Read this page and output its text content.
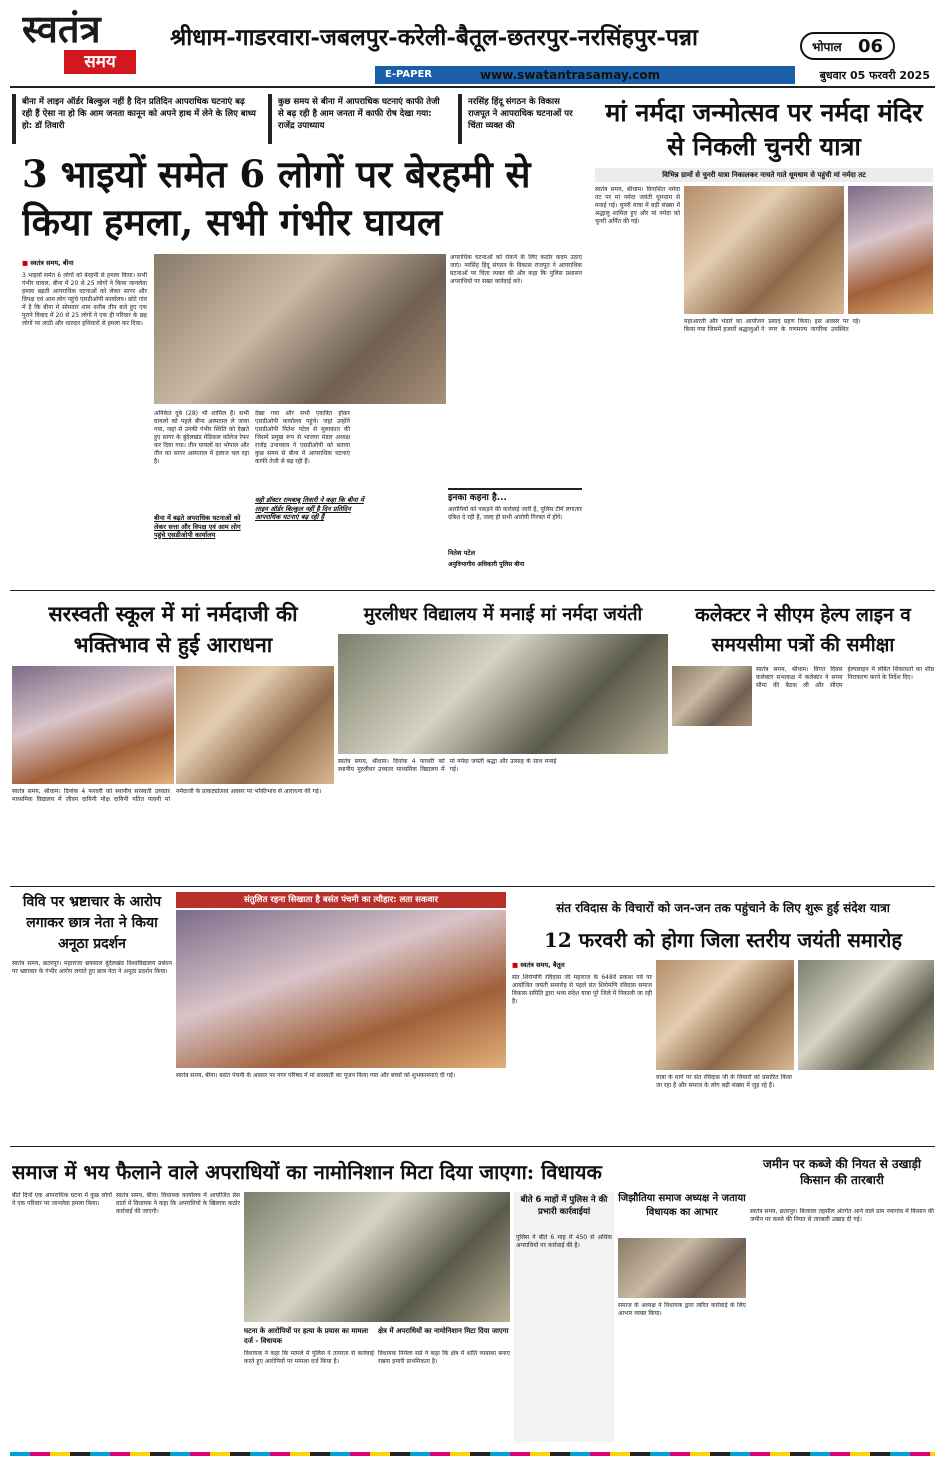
स्वतंत्र
समय
श्रीधाम-गाडरवारा-जबलपुर-करेली-बैतूल-छतरपुर-नरसिंहपुर-पन्ना	भोपाल 06
E-PAPER	www.swatantrasamay.com	बुधवार 05 फरवरी 2025
बीना में लाइन ऑर्डर बिल्कुल नहीं है दिन प्रतिदिन आपराधिक घटनाएं बढ़ रही हैं ऐसा ना हो कि आम जनता कानून को अपने हाथ में लेने के लिए बाध्य हो: डॉ तिवारी
कुछ समय से बीना में आपराधिक घटनाएं काफी तेजी से बढ़ रही है आम जनता में काफी रोष देखा गया: राजेंद्र उपाध्याय
नरसिंह हिंदू संगठन के विकास राजपूत ने आपराधिक घटनाओं पर चिंता व्यक्त की
3 भाइयों समेत 6 लोगों पर बेरहमी से किया हमला, सभी गंभीर घायल
■ स्वतंत्र समय, बीना
3 भाइयों समेत 6 लोगों को बेरहमी से हमला किया। सभी गंभीर घायल, बीना में 20 से 25 लोगों ने किया जानलेवा हमला बढ़ती आपराधिक घटनाओं को लेकर सागर और विपक्ष एवं आम लोग पहुंचे एसडीओपी कार्यालय। छोटे गांव में है कि बीना में सोमवार शाम करीब तीन बजे हुए एक पुराने विवाद में 20 से 25 लोगों ने एक ही परिवार के छह लोगों पर लाठी और धारदार हथियारों से हमला कर दिया।
अनिकेत दुबे (28) भी शामिल हैं। सभी घायलों को पहले बीना अस्पताल ले जाया गया, जहां से उनकी गंभीर स्थिति को देखते हुए सागर के बुंदेलखंड मेडिकल कॉलेज रेफर कर दिया गया। तीन घायलों का भोपाल और तीन का सागर अस्पताल में इलाज चल रहा है।
बीना में बढ़ते अपराधिक घटनाओं को लेकर सत्ता और विपक्ष एवं आम लोग पहुंचे एसडीओपी कार्यालय
देखा गया और सभी एकत्रित होकर एसडीओपी कार्यालय पहुंचे। जहां उन्होंने एसडीओपी नितेश पटेल से मुलाकात की जिसमें प्रमुख रूप से भाजपा मंडल अध्यक्ष राजेंद्र उपाध्याय ने एसडीओपी को बताया कुछ समय से बीना में आपराधिक घटनाएं काफी तेजी से बढ़ रही हैं।
वही डॉक्टर रामबाबू तिवारी ने कहा कि बीना में लाइन ऑर्डर बिल्कुल नहीं है दिन प्रतिदिन आपराधिक घटनाएं बढ़ रही हैं
अपराधिक घटनाओं को रोकने के लिए कठोर कदम उठाए जाएं। नरसिंह हिंदू संगठन के विकास राजपूत ने आपराधिक घटनाओं पर चिंता व्यक्त की और कहा कि पुलिस प्रशासन अपराधियों पर सख्त कार्रवाई करे।
इनका कहना है...
आरोपियों को पकड़ने की कार्रवाई जारी है, पुलिस टीमें लगातार दबिश दे रही हैं, जल्द ही सभी आरोपी गिरफ्त में होंगे।
नितेश पटेल
अनुविभागीय अधिकारी पुलिस बीना
मां नर्मदा जन्मोत्सव पर नर्मदा मंदिर से निकली चुनरी यात्रा
विभिन्न ग्रामों से चुनरी यात्रा निकालकर नाचते गाते धूमधाम से पहुंची मां नर्मदा तट
स्वतंत्र समय, श्रीधाम। विनाशित नर्मदा तट पर मां नर्मदा जयंती धूमधाम से मनाई गई। चुनरी यात्रा में बड़ी संख्या में श्रद्धालु शामिल हुए और मां नर्मदा को चुनरी अर्पित की गई।
महाआरती और भंडारे का आयोजन किया गया जिसमें हजारों श्रद्धालुओं ने प्रसाद ग्रहण किया। इस अवसर पर नगर के गणमान्य नागरिक उपस्थित रहे।
सरस्वती स्कूल में मां नर्मदाजी की भक्तिभाव से हुई आराधना
स्वतंत्र समय, श्रीधाम। दिनांक 4 फरवरी को स्थानीय सरस्वती उच्चतर माध्यमिक विद्यालय में जीवन दायिनी मोक्ष दायिनी पतित पावनी मां नर्मदाजी के प्राकट्योत्सव अवसर पर भक्तिभाव से आराधना की गई।
मुरलीधर विद्यालय में मनाई मां नर्मदा जयंती
स्वतंत्र समय, श्रीधाम। दिनांक 4 फरवरी को स्थानीय मुरलीधर उच्चतर माध्यमिक विद्यालय में मां नर्मदा जयंती श्रद्धा और उत्साह के साथ मनाई गई।
कलेक्टर ने सीएम हेल्प लाइन व समयसीमा पत्रों की समीक्षा
स्वतंत्र समय, श्रीधाम। विगत दिवस कलेक्टर सभाकक्ष में कलेक्टर ने समय सीमा की बैठक ली और सीएम हेल्पलाइन में लंबित शिकायतों का शीघ्र निराकरण करने के निर्देश दिए।
विवि पर भ्रष्टाचार के आरोप लगाकर छात्र नेता ने किया अनूठा प्रदर्शन
स्वतंत्र समय, छतरपुर। महाराजा छत्रसाल बुंदेलखंड विश्वविद्यालय प्रबंधन पर भ्रष्टाचार के गंभीर आरोप लगाते हुए छात्र नेता ने अनूठा प्रदर्शन किया।
संतुलित रहना सिखाता है बसंत पंचमी का त्यौहार: लता सकवार
स्वतंत्र समय, बीना। बसंत पंचमी के अवसर पर नगर परिषद में मां सरस्वती का पूजन किया गया और बच्चों को शुभकामनाएं दी गईं।
संत रविदास के विचारों को जन-जन तक पहुंचाने के लिए शुरू हुई संदेश यात्रा
12 फरवरी को होगा जिला स्तरीय जयंती समारोह
■ स्वतंत्र समय, बैतूल
संत शिरोमणि रविदास जी महाराज के 648वें प्रकाश पर्व पर आयोजित जयंती समारोह से पहले संत शिरोमणि रविदास समाज विकास समिति द्वारा भव्य संदेश यात्रा पूरे जिले में निकाली जा रही है।
यात्रा के मार्ग पर संत रविदास जी के विचारों को प्रसारित किया जा रहा है और समाज के लोग बड़ी संख्या में जुड़ रहे हैं।
समाज में भय फैलाने वाले अपराधियों का नामोनिशान मिटा दिया जाएगा: विधायक
बीते दिनों एक आपराधिक घटना में कुछ लोगों ने एक परिवार पर जानलेवा हमला किया।
स्वतंत्र समय, बीना। विधायक कार्यालय में आयोजित प्रेस वार्ता में विधायक ने कहा कि अपराधियों के खिलाफ कठोर कार्रवाई की जाएगी।
घटना के आरोपियों पर हत्या के प्रयास का मामला दर्ज - विधायक
विधायक ने कहा कि मामले में पुलिस ने तत्परता से कार्रवाई करते हुए आरोपियों पर मामला दर्ज किया है।
क्षेत्र में अपराधियों का नामोनिशान मिटा दिया जाएगा
विधायक निर्मला सप्रे ने कहा कि क्षेत्र में शांति व्यवस्था बनाए रखना हमारी प्राथमिकता है।
बीते 6 माहों में पुलिस ने की प्रभारी कार्रवाईयां
पुलिस ने बीते 6 माह में 450 से अधिक अपराधियों पर कार्रवाई की है।
जिझौतिया समाज अध्यक्ष ने जताया विधायक का आभार
समाज के अध्यक्ष ने विधायक द्वारा त्वरित कार्रवाई के लिए आभार व्यक्त किया।
जमीन पर कब्जे की नियत से उखाड़ी किसान की तारबारी
स्वतंत्र समय, छतरपुर। बिजावर तहसील अंतर्गत आने वाले ग्राम नयागांव में किसान की जमीन पर कब्जे की नियत से तारबारी उखाड़ दी गई।
